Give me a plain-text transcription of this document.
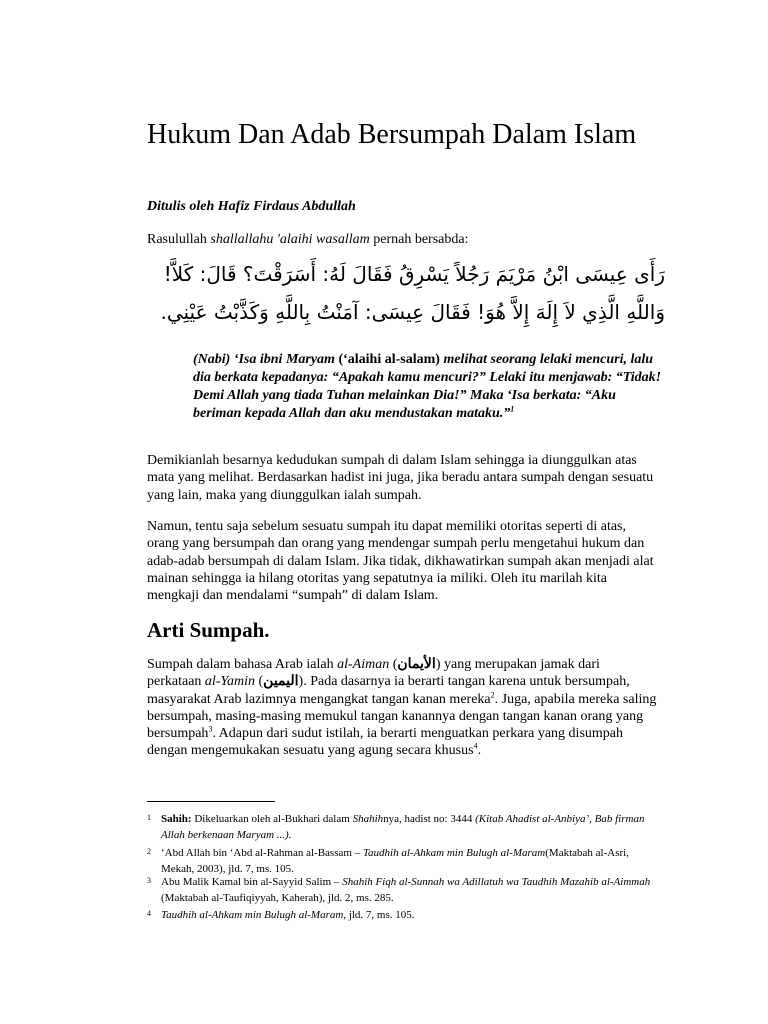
Hukum Dan Adab Bersumpah Dalam Islam

Ditulis oleh Hafiz Firdaus Abdullah

Rasulullah shallallahu 'alaihi wasallam pernah bersabda:

رَأَى عِيسَى ابْنُ مَرْيَمَ رَجُلاً يَسْرِقُ فَقَالَ لَهُ: أَسَرَقْتَ؟ قَالَ: كَلاَّ! وَاللَّهِ الَّذِي لاَ إِلَهَ إِلاَّ هُوَ! فَقَالَ عِيسَى: آمَنْتُ بِاللَّهِ وَكَذَّبْتُ عَيْنِي.

(Nabi) ‘Isa ibni Maryam (‘alaihi al-salam) melihat seorang lelaki mencuri, lalu dia berkata kepadanya: “Apakah kamu mencuri?” Lelaki itu menjawab: “Tidak! Demi Allah yang tiada Tuhan melainkan Dia!” Maka ‘Isa berkata: “Aku beriman kepada Allah dan aku mendustakan mataku.”$^1$

Demikianlah besarnya kedudukan sumpah di dalam Islam sehingga ia diunggulkan atas mata yang melihat. Berdasarkan hadist ini juga, jika beradu antara sumpah dengan sesuatu yang lain, maka yang diunggulkan ialah sumpah.

Namun, tentu saja sebelum sesuatu sumpah itu dapat memiliki otoritas seperti di atas, orang yang bersumpah dan orang yang mendengar sumpah perlu mengetahui hukum dan adab-adab bersumpah di dalam Islam. Jika tidak, dikhawatirkan sumpah akan menjadi alat mainan sehingga ia hilang otoritas yang sepatutnya ia miliki. Oleh itu marilah kita mengkaji dan mendalami “sumpah” di dalam Islam.

Arti Sumpah.

Sumpah dalam bahasa Arab ialah al-Aiman (الأيمان) yang merupakan jamak dari perkataan al-Yamin (اليمين). Pada dasarnya ia berarti tangan karena untuk bersumpah, masyarakat Arab lazimnya mengangkat tangan kanan mereka$^2$. Juga, apabila mereka saling bersumpah, masing-masing memukul tangan kanannya dengan tangan kanan orang yang bersumpah$^3$. Adapun dari sudut istilah, ia berarti menguatkan perkara yang disumpah dengan mengemukakan sesuatu yang agung secara khusus$^4$.

1 Sahih: Dikeluarkan oleh al-Bukhari dalam Shahihnya, hadist no: 3444 (Kitab Ahadist al-Anbiya’, Bab firman Allah berkenaan Maryam ...).

2‘Abd Allah bin ‘Abd al-Rahman al-Bassam – Taudhih al-Ahkam min Bulugh al-Maram(Maktabah al-Asri, Mekah, 2003), jld. 7, ms. 105.

3Abu Malik Kamal bin al-Sayyid Salim – Shahih Fiqh al-Sunnah wa Adillatuh wa Taudhih Mazahib al-Aimmah (Maktabah al-Taufiqiyyah, Kaherah), jld. 2, ms. 285.

4 Taudhih al-Ahkam min Bulugh al-Maram, jld. 7, ms. 105.
